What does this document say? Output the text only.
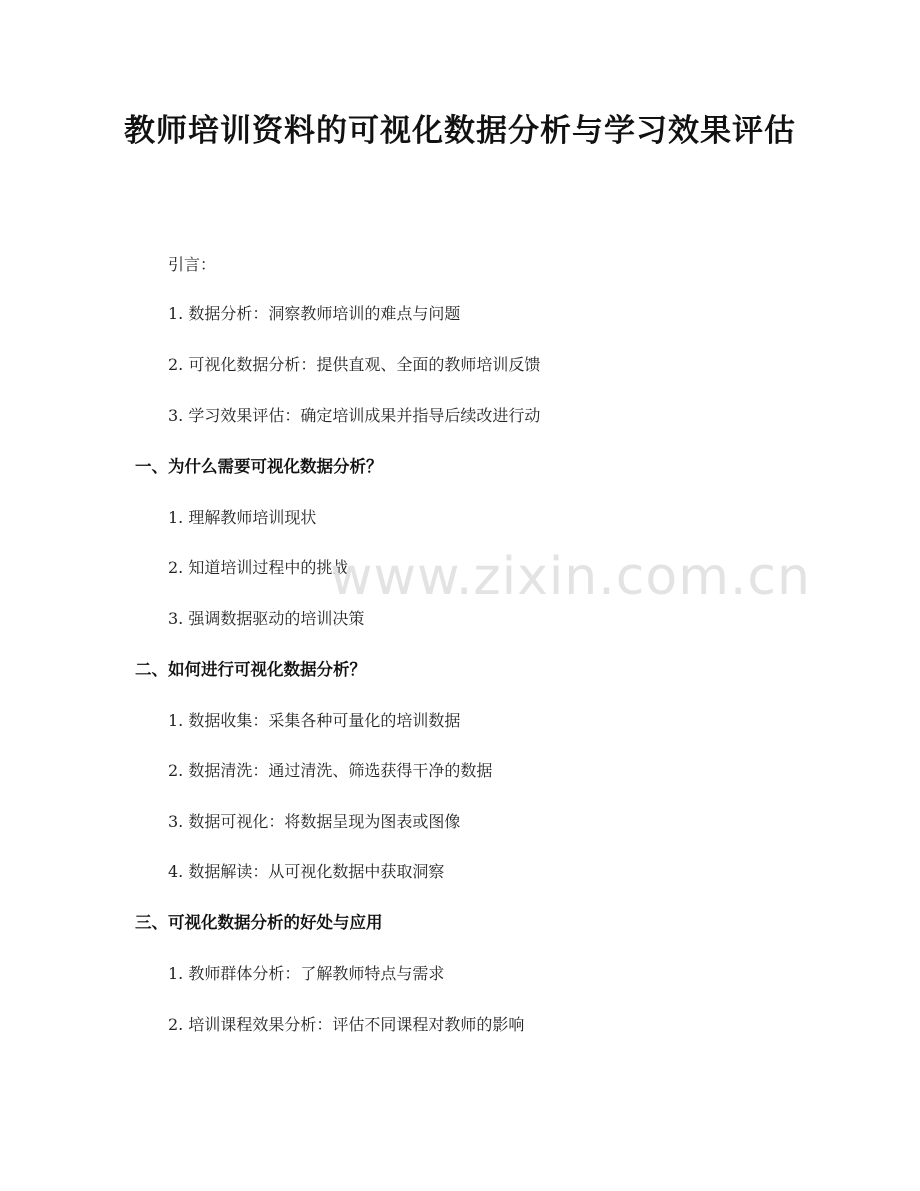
教师培训资料的可视化数据分析与学习效果评估
引言：
1. 数据分析：洞察教师培训的难点与问题
2. 可视化数据分析：提供直观、全面的教师培训反馈
3. 学习效果评估：确定培训成果并指导后续改进行动
一、为什么需要可视化数据分析？
1. 理解教师培训现状
2. 知道培训过程中的挑战
3. 强调数据驱动的培训决策
二、如何进行可视化数据分析？
1. 数据收集：采集各种可量化的培训数据
2. 数据清洗：通过清洗、筛选获得干净的数据
3. 数据可视化：将数据呈现为图表或图像
4. 数据解读：从可视化数据中获取洞察
三、可视化数据分析的好处与应用
1. 教师群体分析：了解教师特点与需求
2. 培训课程效果分析：评估不同课程对教师的影响
www.zixin.com.cn
